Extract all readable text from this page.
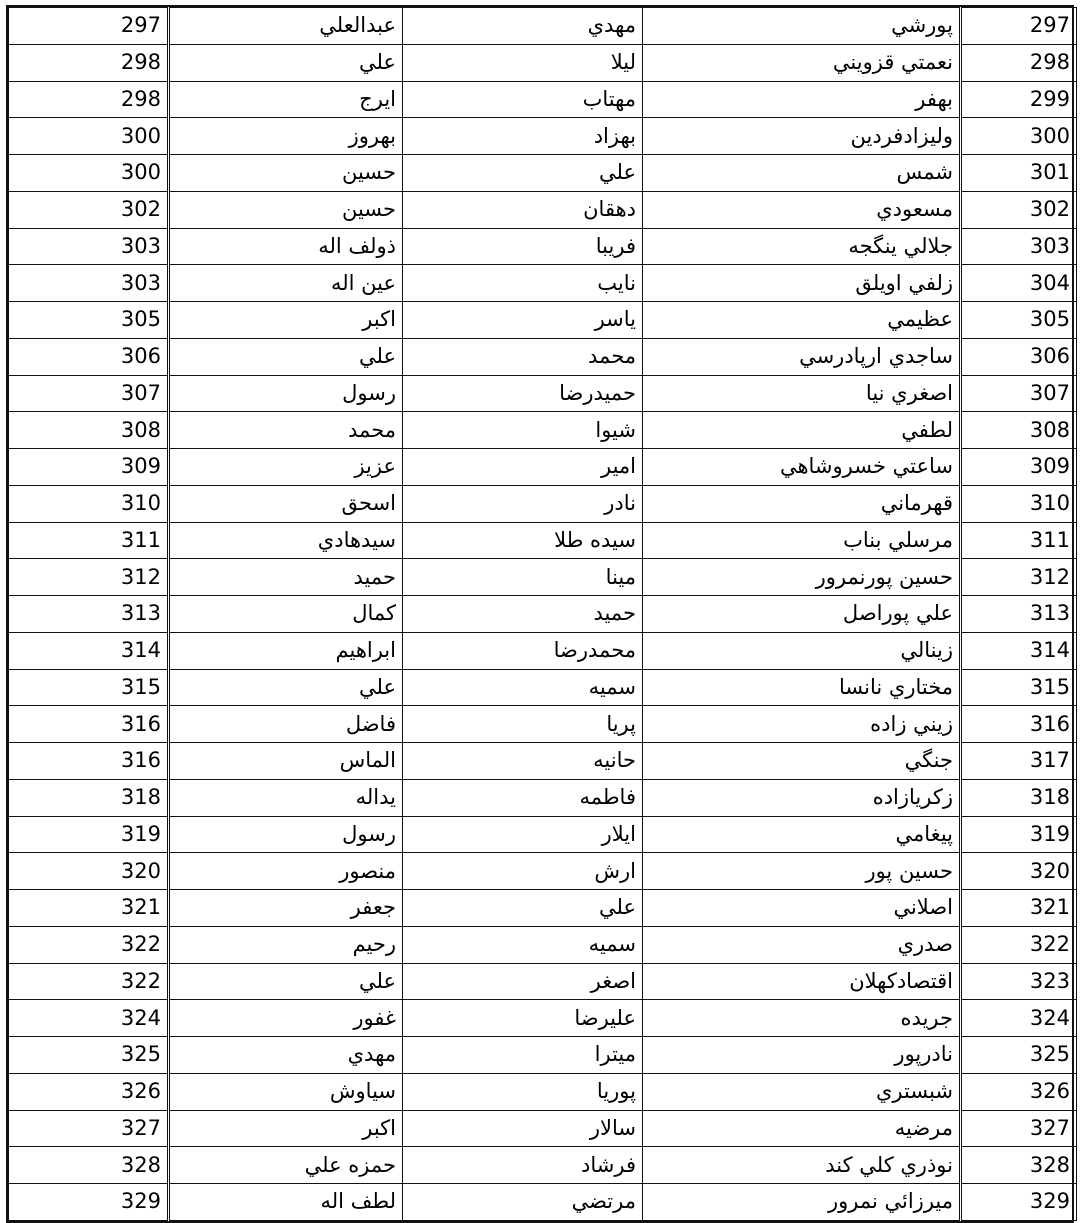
297	عبدالعلي	مهدي	پورشي	297
298	علي	ليلا	نعمتي قزويني	298
298	ايرج	مهتاب	بهفر	299
300	بهروز	بهزاد	وليزادفردين	300
300	حسين	علي	شمس	301
302	حسين	دهقان	مسعودي	302
303	ذولف اله	فريبا	جلالي ينگجه	303
303	عين اله	نايب	زلفي اويلق	304
305	اكبر	ياسر	عظيمي	305
306	علي	محمد	ساجدي ارپادرسي	306
307	رسول	حميدرضا	اصغري نيا	307
308	محمد	شيوا	لطفي	308
309	عزيز	امير	ساعتي خسروشاهي	309
310	اسحق	نادر	قهرماني	310
311	سيدهادي	سيده طلا	مرسلي بناب	311
312	حميد	مينا	حسين پورنمرور	312
313	كمال	حميد	علي پوراصل	313
314	ابراهيم	محمدرضا	زينالي	314
315	علي	سميه	مختاري نانسا	315
316	فاضل	پريا	زيني زاده	316
316	الماس	حانيه	جنگي	317
318	يداله	فاطمه	زكريازاده	318
319	رسول	ايلار	پيغامي	319
320	منصور	ارش	حسين پور	320
321	جعفر	علي	اصلاني	321
322	رحيم	سميه	صدري	322
322	علي	اصغر	اقتصادكهلان	323
324	غفور	عليرضا	جريده	324
325	مهدي	ميترا	نادرپور	325
326	سياوش	پوريا	شبستري	326
327	اكبر	سالار	مرضيه	327
328	حمزه علي	فرشاد	نوذري كلي كند	328
329	لطف اله	مرتضي	ميرزائي نمرور	329
